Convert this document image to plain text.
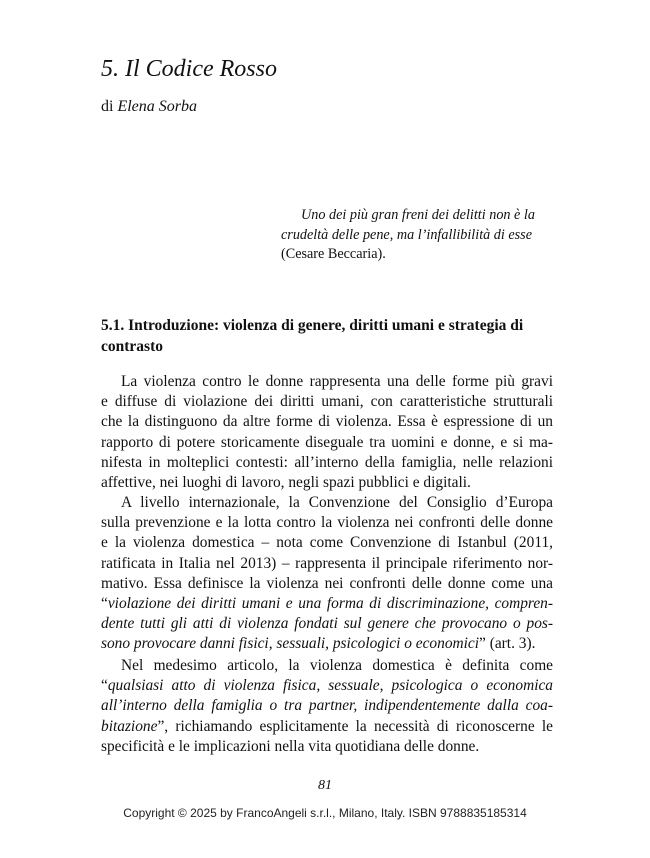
5. Il Codice Rosso
di Elena Sorba
Uno dei più gran freni dei delitti non è la
crudeltà delle pene, ma l’infallibilità di esse
(Cesare Beccaria).
5.1. Introduzione: violenza di genere, diritti umani e strategia di
contrasto
La violenza contro le donne rappresenta una delle forme più gravi
e diffuse di violazione dei diritti umani, con caratteristiche strutturali
che la distinguono da altre forme di violenza. Essa è espressione di un
rapporto di potere storicamente diseguale tra uomini e donne, e si ma-
nifesta in molteplici contesti: all’interno della famiglia, nelle relazioni
affettive, nei luoghi di lavoro, negli spazi pubblici e digitali.
A livello internazionale, la Convenzione del Consiglio d’Europa
sulla prevenzione e la lotta contro la violenza nei confronti delle donne
e la violenza domestica – nota come Convenzione di Istanbul (2011,
ratificata in Italia nel 2013) – rappresenta il principale riferimento nor-
mativo. Essa definisce la violenza nei confronti delle donne come una
“violazione dei diritti umani e una forma di discriminazione, compren-
dente tutti gli atti di violenza fondati sul genere che provocano o pos-
sono provocare danni fisici, sessuali, psicologici o economici” (art. 3).
Nel medesimo articolo, la violenza domestica è definita come
“qualsiasi atto di violenza fisica, sessuale, psicologica o economica
all’interno della famiglia o tra partner, indipendentemente dalla coa-
bitazione”, richiamando esplicitamente la necessità di riconoscerne le
specificità e le implicazioni nella vita quotidiana delle donne.
81
Copyright © 2025 by FrancoAngeli s.r.l., Milano, Italy. ISBN 9788835185314
